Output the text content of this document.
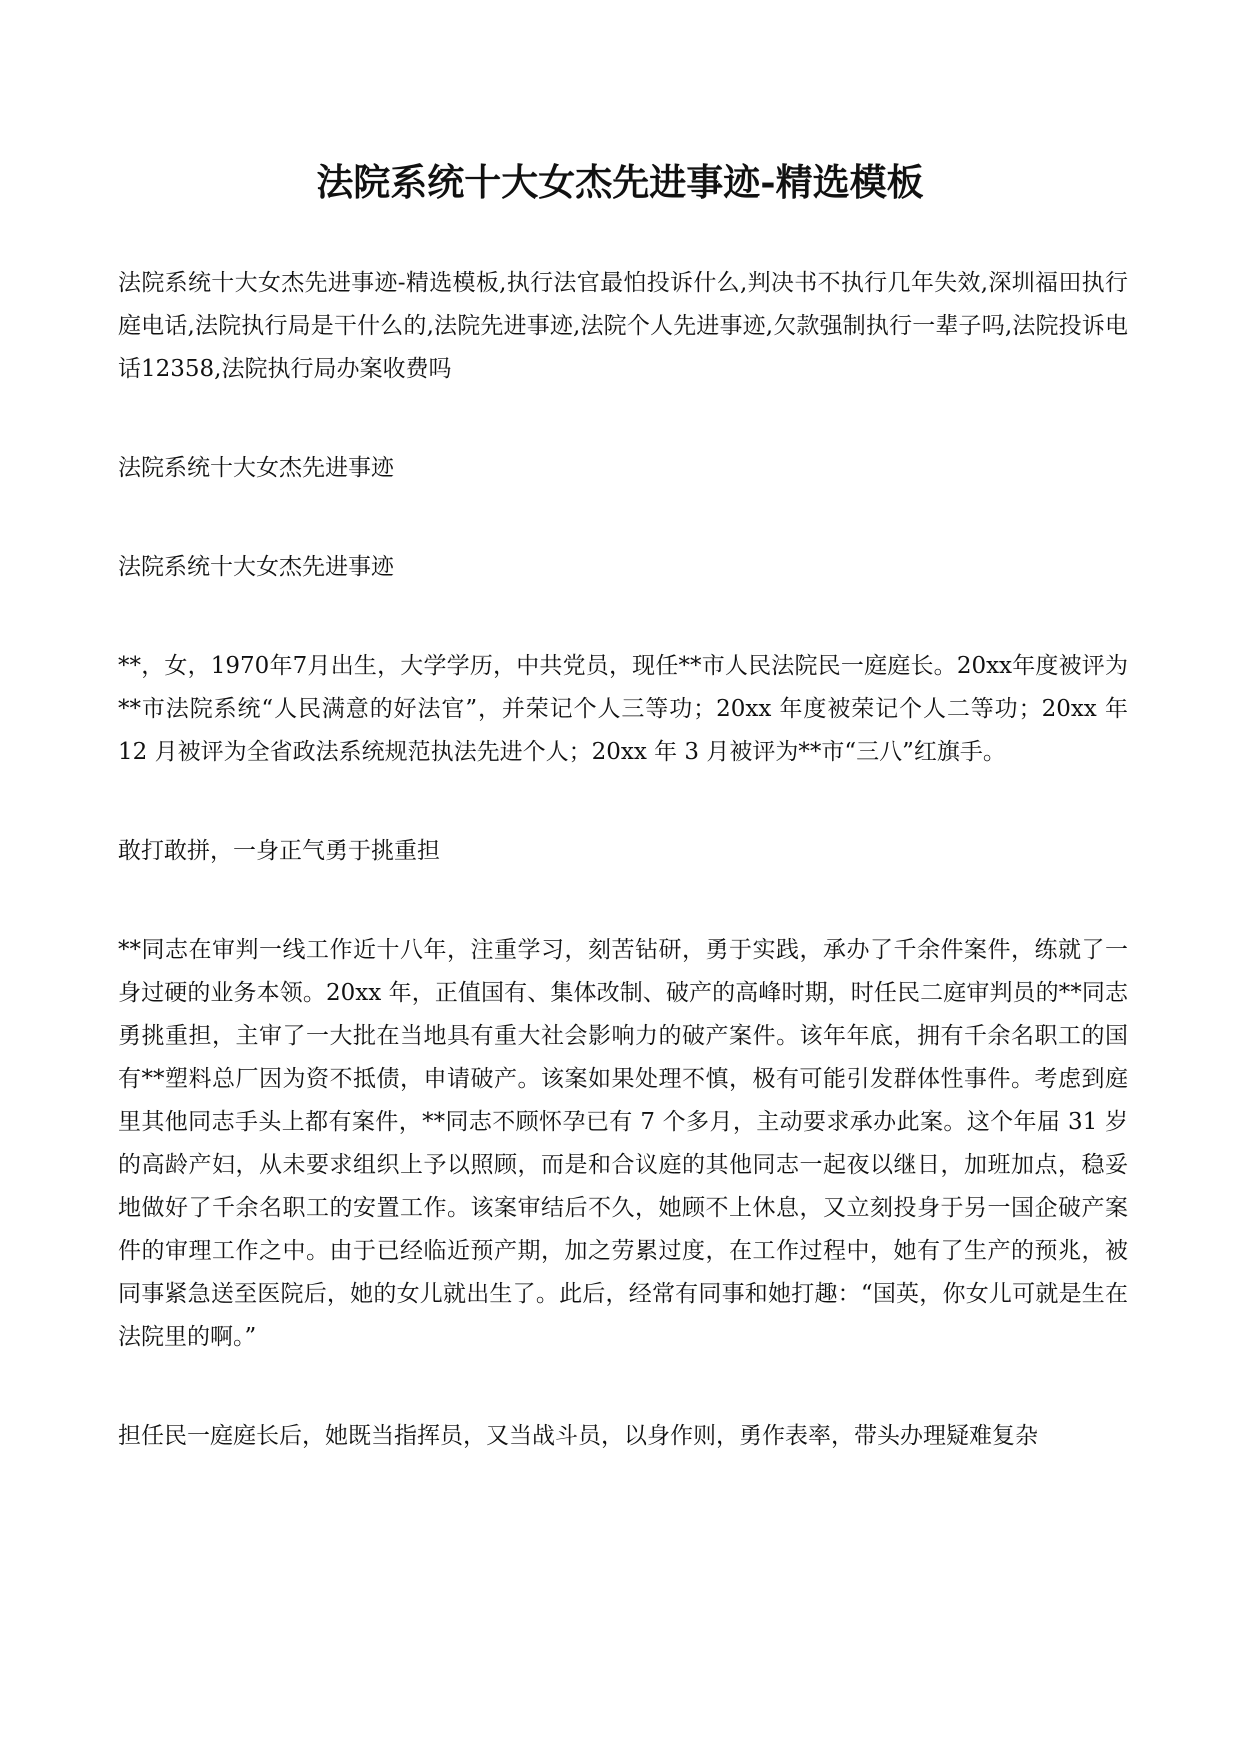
法院系统十大女杰先进事迹-精选模板

法院系统十大女杰先进事迹-精选模板,执行法官最怕投诉什么,判决书不执行几年失效,深圳福田执行庭电话,法院执行局是干什么的,法院先进事迹,法院个人先进事迹,欠款强制执行一辈子吗,法院投诉电话12358,法院执行局办案收费吗

法院系统十大女杰先进事迹

法院系统十大女杰先进事迹

**，女，1970年7月出生，大学学历，中共党员，现任**市人民法院民一庭庭长。20xx年度被评为**市法院系统“人民满意的好法官”，并荣记个人三等功；20xx 年度被荣记个人二等功；20xx 年 12 月被评为全省政法系统规范执法先进个人；20xx 年 3 月被评为**市“三八”红旗手。

敢打敢拼，一身正气勇于挑重担

**同志在审判一线工作近十八年，注重学习，刻苦钻研，勇于实践，承办了千余件案件，练就了一身过硬的业务本领。20xx 年，正值国有、集体改制、破产的高峰时期，时任民二庭审判员的**同志勇挑重担，主审了一大批在当地具有重大社会影响力的破产案件。该年年底，拥有千余名职工的国有**塑料总厂因为资不抵债，申请破产。该案如果处理不慎，极有可能引发群体性事件。考虑到庭里其他同志手头上都有案件，**同志不顾怀孕已有 7 个多月，主动要求承办此案。这个年届 31 岁的高龄产妇，从未要求组织上予以照顾，而是和合议庭的其他同志一起夜以继日，加班加点，稳妥地做好了千余名职工的安置工作。该案审结后不久，她顾不上休息，又立刻投身于另一国企破产案件的审理工作之中。由于已经临近预产期，加之劳累过度，在工作过程中，她有了生产的预兆，被同事紧急送至医院后，她的女儿就出生了。此后，经常有同事和她打趣：“国英，你女儿可就是生在法院里的啊。”

担任民一庭庭长后，她既当指挥员，又当战斗员，以身作则，勇作表率，带头办理疑难复杂
